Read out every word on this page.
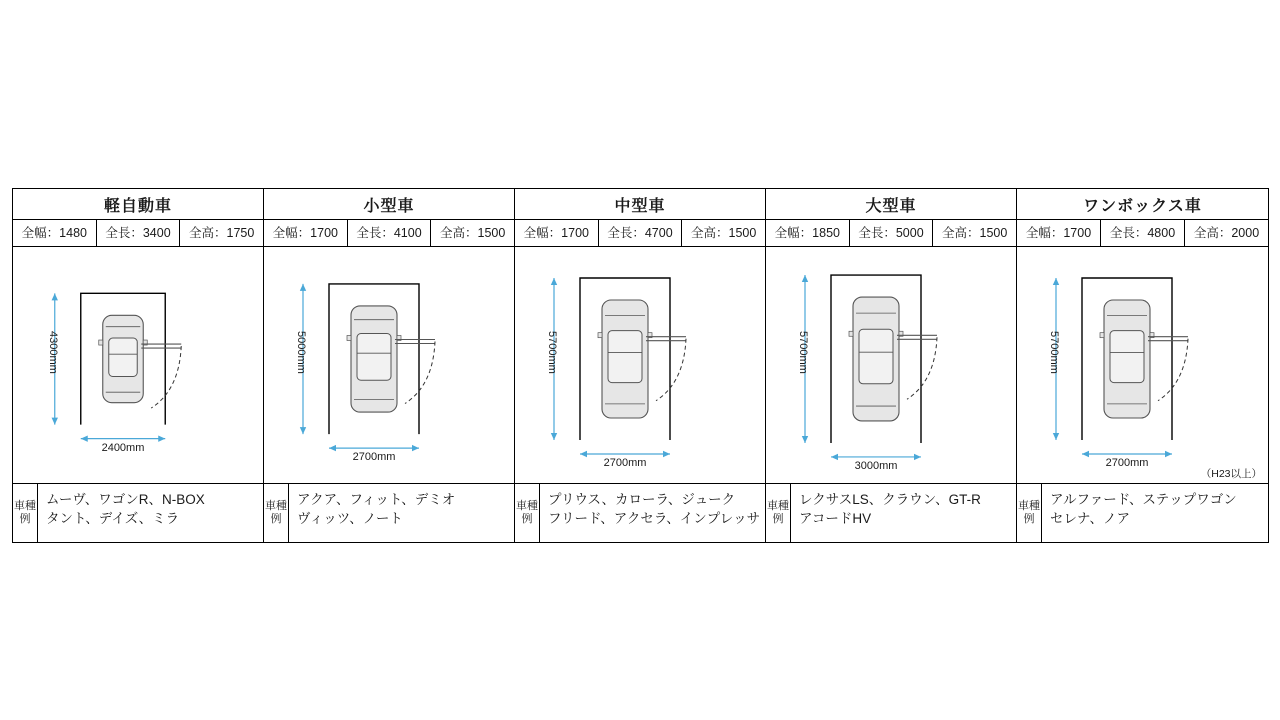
軽自動車	小型車	中型車	大型車	ワンボックス車

全幅：1480	全長：3400	全高：1750	全幅：1700	全長：4100	全高：1500	全幅：1700	全長：4700	全高：1500	全幅：1850	全長：5000	全高：1500	全幅：1700	全長：4800	全高：2000

4300mm
2400mm

5000mm
2700mm

5700mm
2700mm

5700mm
3000mm

5700mm
2700mm
（H23以上）

車種
例
ムーヴ、ワゴンR、N-BOX
タント、デイズ、ミラ

車種
例
アクア、フィット、デミオ
ヴィッツ、ノート

車種
例
プリウス、カローラ、ジューク
フリード、アクセラ、インプレッサ

車種
例
レクサスLS、クラウン、GT-R
アコードHV

車種
例
アルファード、ステップワゴン
セレナ、ノア
